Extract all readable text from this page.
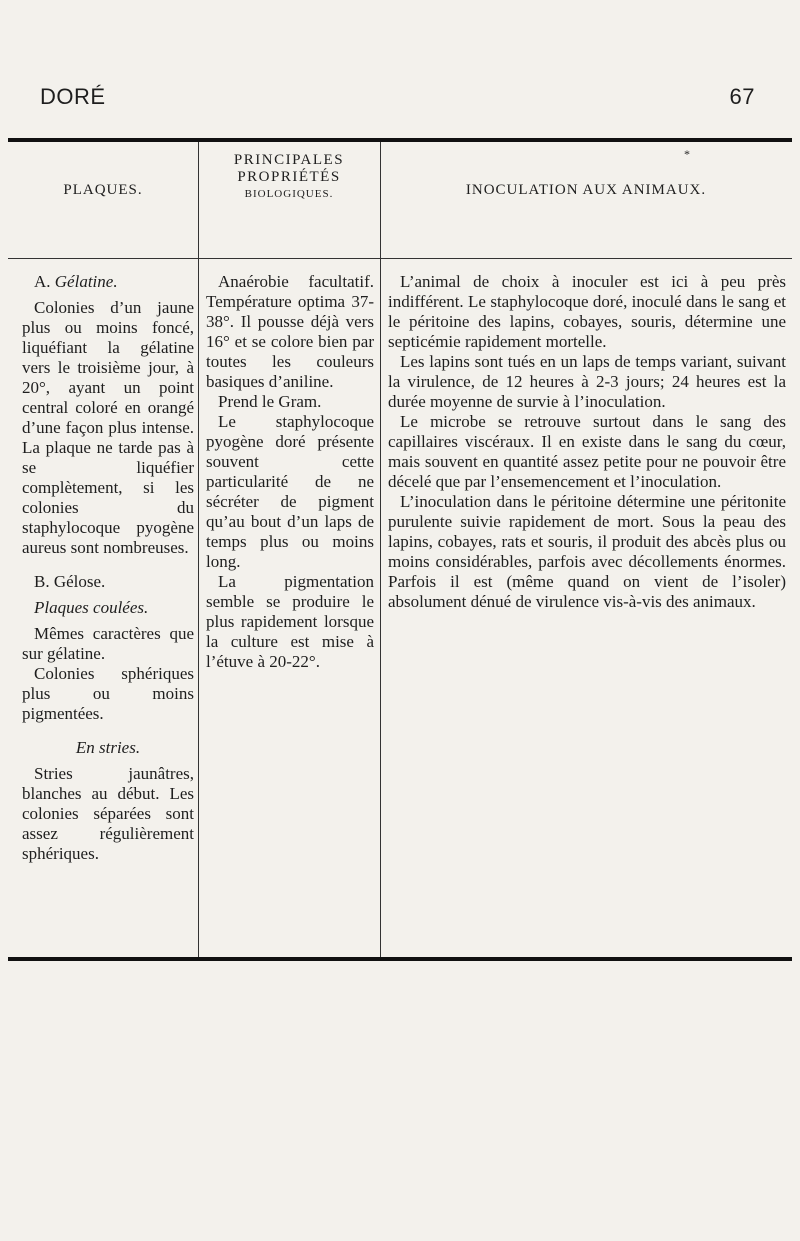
DORÉ	67
PLAQUES.
PRINCIPALES
PROPRIÉTÉS
BIOLOGIQUES.
*
INOCULATION AUX ANIMAUX.

A. Gélatine.

Colonies d’un jaune plus ou moins foncé, liquéfiant la gélatine vers le troisième jour, à 20°, ayant un point central coloré en orangé d’une façon plus intense. La plaque ne tarde pas à se liquéfier complètement, si les colonies du staphylocoque pyogène aureus sont nombreuses.

B. Gélose.

Plaques coulées.

Mêmes caractères que sur gélatine.

Colonies sphériques plus ou moins pigmentées.

En stries.

Stries jaunâtres, blanches au début. Les colonies séparées sont assez régulièrement sphériques.

Anaérobie facultatif. Température optima 37-38°. Il pousse déjà vers 16° et se colore bien par toutes les couleurs basiques d’aniline.

Prend le Gram.

Le staphylocoque pyogène doré présente souvent cette particularité de ne sécréter de pigment qu’au bout d’un laps de temps plus ou moins long.

La pigmentation semble se produire le plus rapidement lorsque la culture est mise à l’étuve à 20-22°.

L’animal de choix à inoculer est ici à peu près indifférent. Le staphylocoque doré, inoculé dans le sang et le péritoine des lapins, cobayes, souris, détermine une septicémie rapidement mortelle.

Les lapins sont tués en un laps de temps variant, suivant la virulence, de 12 heures à 2-3 jours; 24 heures est la durée moyenne de survie à l’inoculation.

Le microbe se retrouve surtout dans le sang des capillaires viscéraux. Il en existe dans le sang du cœur, mais souvent en quantité assez petite pour ne pouvoir être décelé que par l’ensemencement et l’inoculation.

L’inoculation dans le péritoine détermine une péritonite purulente suivie rapidement de mort. Sous la peau des lapins, cobayes, rats et souris, il produit des abcès plus ou moins considérables, parfois avec décollements énormes. Parfois il est (même quand on vient de l’isoler) absolument dénué de virulence vis-à-vis des animaux.
